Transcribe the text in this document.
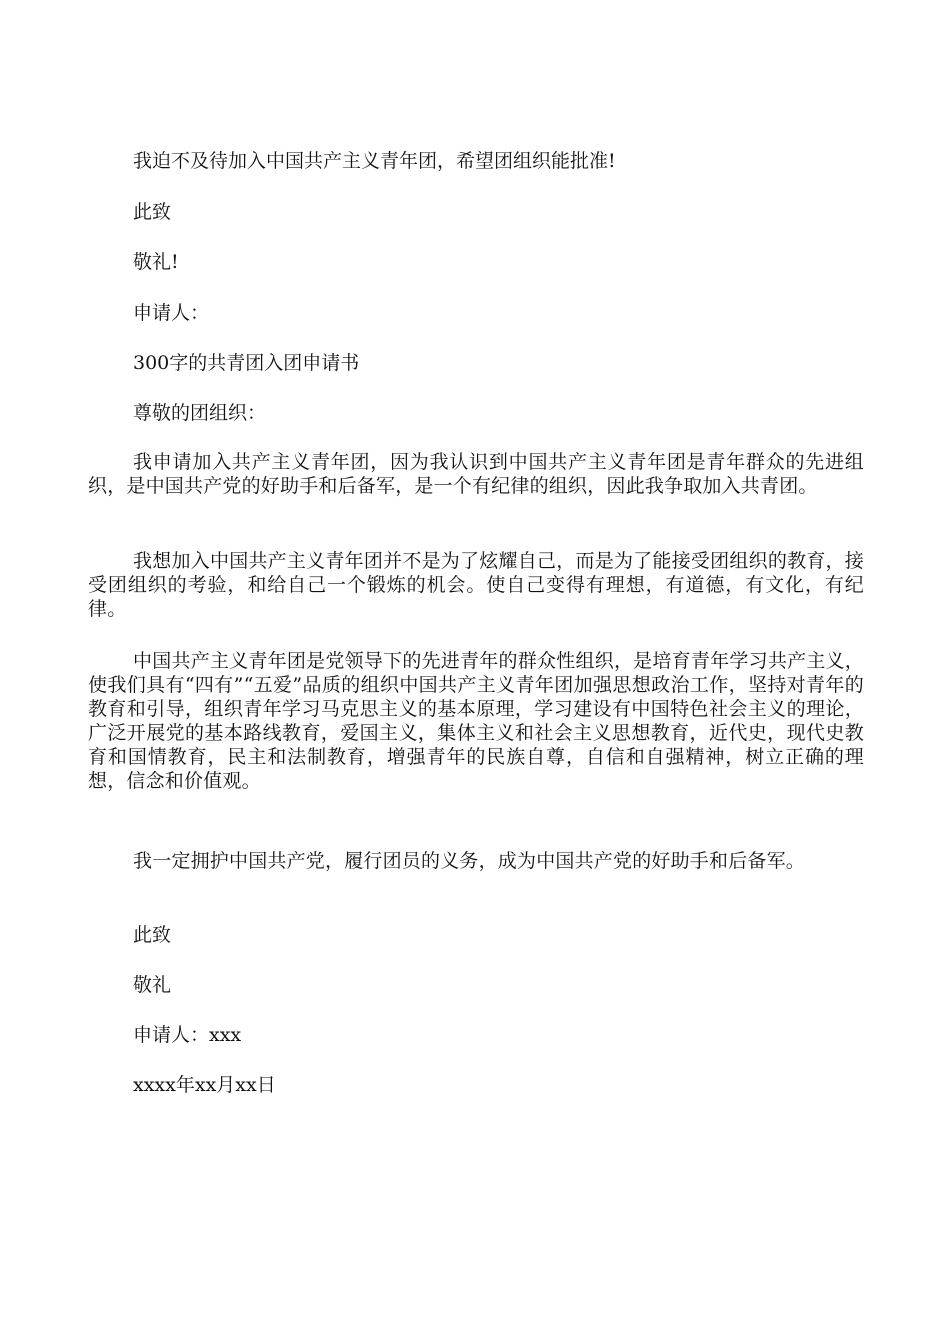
我迫不及待加入中国共产主义青年团，希望团组织能批准!
此致
敬礼!
申请人：
300字的共青团入团申请书
尊敬的团组织：
我申请加入共产主义青年团，因为我认识到中国共产主义青年团是青年群众的先进组织，是中国共产党的好助手和后备军，是一个有纪律的组织，因此我争取加入共青团。
我想加入中国共产主义青年团并不是为了炫耀自己，而是为了能接受团组织的教育，接受团组织的考验，和给自己一个锻炼的机会。使自己变得有理想，有道德，有文化，有纪律。
中国共产主义青年团是党领导下的先进青年的群众性组织，是培育青年学习共产主义，使我们具有“四有”“五爱”品质的组织中国共产主义青年团加强思想政治工作，坚持对青年的教育和引导，组织青年学习马克思主义的基本原理，学习建设有中国特色社会主义的理论，广泛开展党的基本路线教育，爱国主义，集体主义和社会主义思想教育，近代史，现代史教育和国情教育，民主和法制教育，增强青年的民族自尊，自信和自强精神，树立正确的理想，信念和价值观。
我一定拥护中国共产党，履行团员的义务，成为中国共产党的好助手和后备军。
此致
敬礼
申请人：xxx
xxxx年xx月xx日
